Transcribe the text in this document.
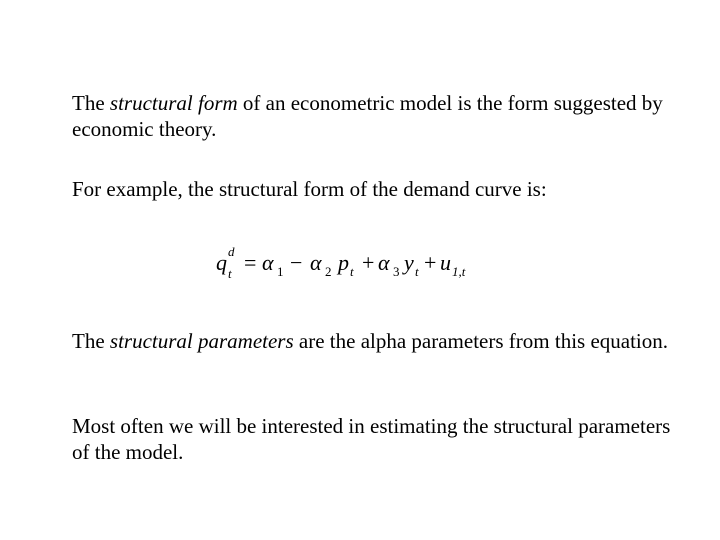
The structural form of an econometric model is the form suggested by economic theory.

For example, the structural form of the demand curve is:

q d
t = α 1 − α 2 p t + α 3 y t + u 1,t

The structural parameters are the alpha parameters from this equation.

Most often we will be interested in estimating the structural parameters of the model.
